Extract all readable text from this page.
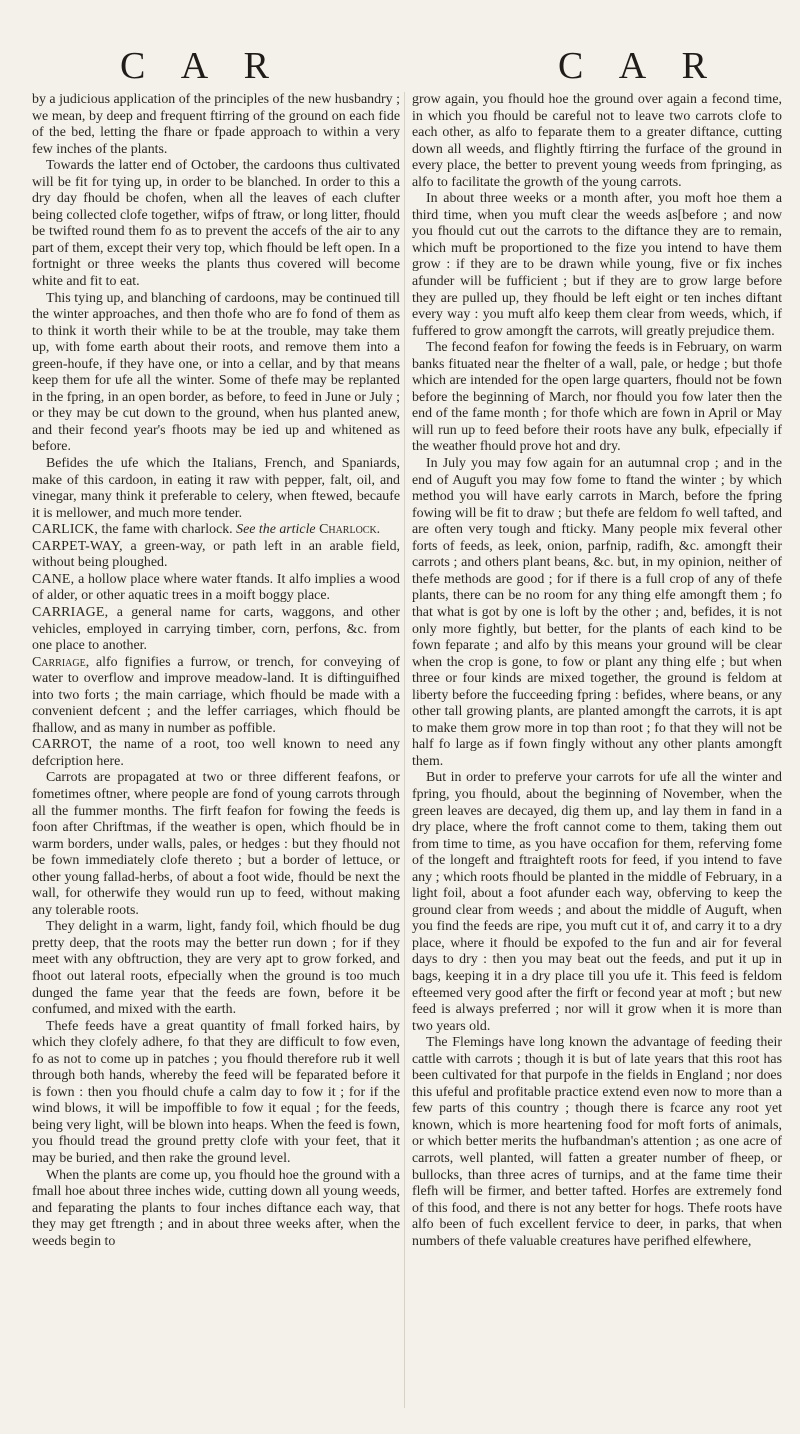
C A R	C A R

by a judicious application of the principles of the new husbandry ; we mean, by deep and frequent ftirring of the ground on each fide of the bed, letting the fhare or fpade approach to within a very few inches of the plants.

Towards the latter end of October, the cardoons thus cultivated will be fit for tying up, in order to be blanched. In order to this a dry day fhould be chofen, when all the leaves of each clufter being collected clofe together, wifps of ftraw, or long litter, fhould be twifted round them fo as to prevent the accefs of the air to any part of them, except their very top, which fhould be left open. In a fortnight or three weeks the plants thus covered will become white and fit to eat.

This tying up, and blanching of cardoons, may be continued till the winter approaches, and then thofe who are fo fond of them as to think it worth their while to be at the trouble, may take them up, with fome earth about their roots, and remove them into a green-houfe, if they have one, or into a cellar, and by that means keep them for ufe all the winter. Some of thefe may be replanted in the fpring, in an open border, as before, to feed in June or July ; or they may be cut down to the ground, when hus planted anew, and their fecond year's fhoots may be ied up and whitened as before.

Befides the ufe which the Italians, French, and Spaniards, make of this cardoon, in eating it raw with pepper, falt, oil, and vinegar, many think it preferable to celery, when ftewed, becaufe it is mellower, and much more tender.

CARLICK, the fame with charlock. See the article Charlock.

CARPET-WAY, a green-way, or path left in an arable field, without being ploughed.

CANE, a hollow place where water ftands. It alfo implies a wood of alder, or other aquatic trees in a moift boggy place.

CARRIAGE, a general name for carts, waggons, and other vehicles, employed in carrying timber, corn, perfons, &c. from one place to another.

Carriage, alfo fignifies a furrow, or trench, for conveying of water to overflow and improve meadow-land. It is diftinguifhed into two forts ; the main carriage, which fhould be made with a convenient defcent ; and the leffer carriages, which fhould be fhallow, and as many in number as poffible.

CARROT, the name of a root, too well known to need any defcription here.

Carrots are propagated at two or three different feafons, or fometimes oftner, where people are fond of young carrots through all the fummer months. The firft feafon for fowing the feeds is foon after Chriftmas, if the weather is open, which fhould be in warm borders, under walls, pales, or hedges : but they fhould not be fown immediately clofe thereto ; but a border of lettuce, or other young fallad-herbs, of about a foot wide, fhould be next the wall, for otherwife they would run up to feed, without making any tolerable roots.

They delight in a warm, light, fandy foil, which fhould be dug pretty deep, that the roots may the better run down ; for if they meet with any obftruction, they are very apt to grow forked, and fhoot out lateral roots, efpecially when the ground is too much dunged the fame year that the feeds are fown, before it be confumed, and mixed with the earth.

Thefe feeds have a great quantity of fmall forked hairs, by which they clofely adhere, fo that they are difficult to fow even, fo as not to come up in patches ; you fhould therefore rub it well through both hands, whereby the feed will be feparated before it is fown : then you fhould chufe a calm day to fow it ; for if the wind blows, it will be impoffible to fow it equal ; for the feeds, being very light, will be blown into heaps. When the feed is fown, you fhould tread the ground pretty clofe with your feet, that it may be buried, and then rake the ground level.

When the plants are come up, you fhould hoe the ground with a fmall hoe about three inches wide, cutting down all young weeds, and feparating the plants to four inches diftance each way, that they may get ftrength ; and in about three weeks after, when the weeds begin to

grow again, you fhould hoe the ground over again a fecond time, in which you fhould be careful not to leave two carrots clofe to each other, as alfo to feparate them to a greater diftance, cutting down all weeds, and flightly ftirring the furface of the ground in every place, the better to prevent young weeds from fpringing, as alfo to facilitate the growth of the young carrots.

In about three weeks or a month after, you moft hoe them a third time, when you muft clear the weeds as[before ; and now you fhould cut out the carrots to the diftance they are to remain, which muft be proportioned to the fize you intend to have them grow : if they are to be drawn while young, five or fix inches afunder will be fufficient ; but if they are to grow large before they are pulled up, they fhould be left eight or ten inches diftant every way : you muft alfo keep them clear from weeds, which, if fuffered to grow amongft the carrots, will greatly prejudice them.

The fecond feafon for fowing the feeds is in February, on warm banks fituated near the fhelter of a wall, pale, or hedge ; but thofe which are intended for the open large quarters, fhould not be fown before the beginning of March, nor fhould you fow later then the end of the fame month ; for thofe which are fown in April or May will run up to feed before their roots have any bulk, efpecially if the weather fhould prove hot and dry.

In July you may fow again for an autumnal crop ; and in the end of Auguft you may fow fome to ftand the winter ; by which method you will have early carrots in March, before the fpring fowing will be fit to draw ; but thefe are feldom fo well tafted, and are often very tough and fticky. Many people mix feveral other forts of feeds, as leek, onion, parfnip, radifh, &c. amongft their carrots ; and others plant beans, &c. but, in my opinion, neither of thefe methods are good ; for if there is a full crop of any of thefe plants, there can be no room for any thing elfe amongft them ; fo that what is got by one is loft by the other ; and, befides, it is not only more fightly, but better, for the plants of each kind to be fown feparate ; and alfo by this means your ground will be clear when the crop is gone, to fow or plant any thing elfe ; but when three or four kinds are mixed together, the ground is feldom at liberty before the fucceeding fpring : befides, where beans, or any other tall growing plants, are planted amongft the carrots, it is apt to make them grow more in top than root ; fo that they will not be half fo large as if fown fingly without any other plants amongft them.

But in order to preferve your carrots for ufe all the winter and fpring, you fhould, about the beginning of November, when the green leaves are decayed, dig them up, and lay them in fand in a dry place, where the froft cannot come to them, taking them out from time to time, as you have occafion for them, referving fome of the longeft and ftraighteft roots for feed, if you intend to fave any ; which roots fhould be planted in the middle of February, in a light foil, about a foot afunder each way, obferving to keep the ground clear from weeds ; and about the middle of Auguft, when you find the feeds are ripe, you muft cut it of, and carry it to a dry place, where it fhould be expofed to the fun and air for feveral days to dry : then you may beat out the feeds, and put it up in bags, keeping it in a dry place till you ufe it. This feed is feldom efteemed very good after the firft or fecond year at moft ; but new feed is always preferred ; nor will it grow when it is more than two years old.

The Flemings have long known the advantage of feeding their cattle with carrots ; though it is but of late years that this root has been cultivated for that purpofe in the fields in England ; nor does this ufeful and profitable practice extend even now to more than a few parts of this country ; though there is fcarce any root yet known, which is more heartening food for moft forts of animals, or which better merits the hufbandman's attention ; as one acre of carrots, well planted, will fatten a greater number of fheep, or bullocks, than three acres of turnips, and at the fame time their flefh will be firmer, and better tafted. Horfes are extremely fond of this food, and there is not any better for hogs. Thefe roots have alfo been of fuch excellent fervice to deer, in parks, that when numbers of thefe valuable creatures have perifhed elfewhere,
